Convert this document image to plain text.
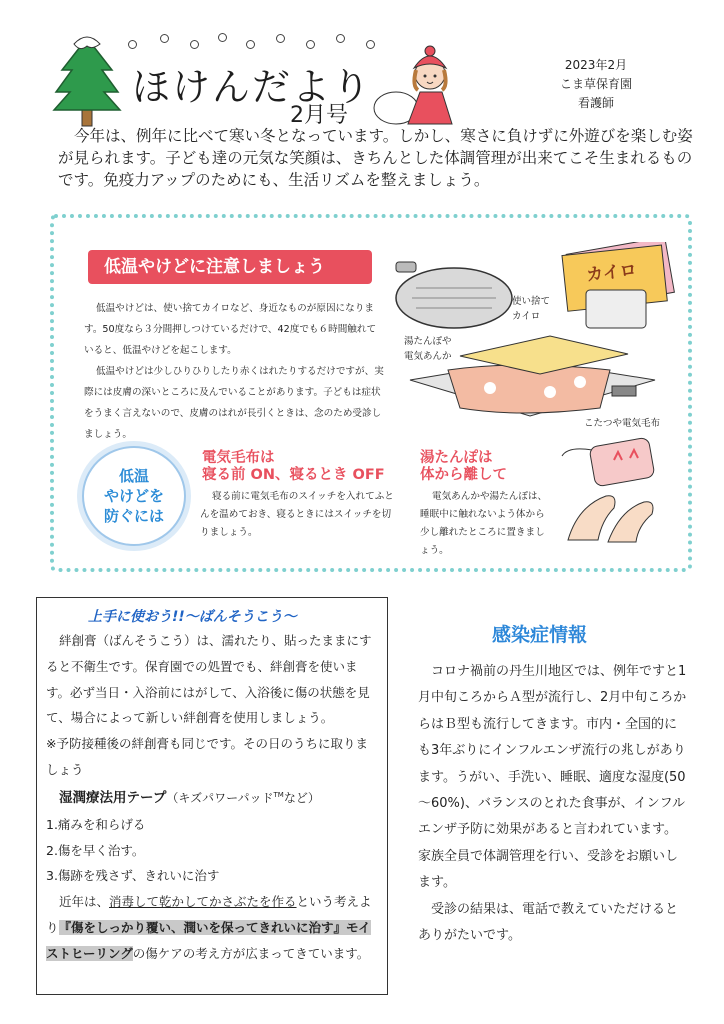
ほけんだより
2月号
2023年2月
こま草保育園
看護師
今年は、例年に比べて寒い冬となっています。しかし、寒さに負けずに外遊びを楽しむ姿が見られます。子ども達の元気な笑顔は、きちんとした体調管理が出来てこそ生まれるものです。免疫力アップのためにも、生活リズムを整えましょう。
低温やけどに注意しましょう

低温やけどは、使い捨てカイロなど、身近なものが原因になります。50度なら３分間押しつけているだけで、42度でも６時間触れていると、低温やけどを起こします。

低温やけどは少しひりひりしたり赤くはれたりするだけですが、実際には皮膚の深いところに及んでいることがあります。子どもは症状をうまく言えないので、皮膚のはれが長引くときは、念のため受診しましょう。

湯たんぽや
電気あんか
カイロ
使い捨て
カイロ
こたつや電気毛布
低温
やけどを
防ぐには
電気毛布は
寝る前 ON、寝るとき OFF
寝る前に電気毛布のスイッチを入れてふとんを温めておき、寝るときにはスイッチを切りましょう。
湯たんぽは
体から離して
電気あんかや湯たんぽは、睡眠中に触れないよう体から少し離れたところに置きましょう。
上手に使おう!!～ばんそうこう～

絆創膏（ばんそうこう）は、濡れたり、貼ったままにすると不衛生です。保育園での処置でも、絆創膏を使います。必ず当日・入浴前にはがして、入浴後に傷の状態を見て、場合によって新しい絆創膏を使用しましょう。

※予防接種後の絆創膏も同じです。その日のうちに取りましょう

湿潤療法用テープ（キズパワーパッド™など）

1.痛みを和らげる

2.傷を早く治す。

3.傷跡を残さず、きれいに治す

近年は、消毒して乾かしてかさぶたを作るという考えより『傷をしっかり覆い、潤いを保ってきれいに治す』モイストヒーリングの傷ケアの考え方が広まってきています。

感染症情報

コロナ禍前の丹生川地区では、例年ですと1月中旬ころからＡ型が流行し、2月中旬ころからはＢ型も流行してきます。市内・全国的にも3年ぶりにインフルエンザ流行の兆しがあります。うがい、手洗い、睡眠、適度な湿度(50～60%)、バランスのとれた食事が、インフルエンザ予防に効果があると言われています。家族全員で体調管理を行い、受診をお願いします。

受診の結果は、電話で教えていただけるとありがたいです。
